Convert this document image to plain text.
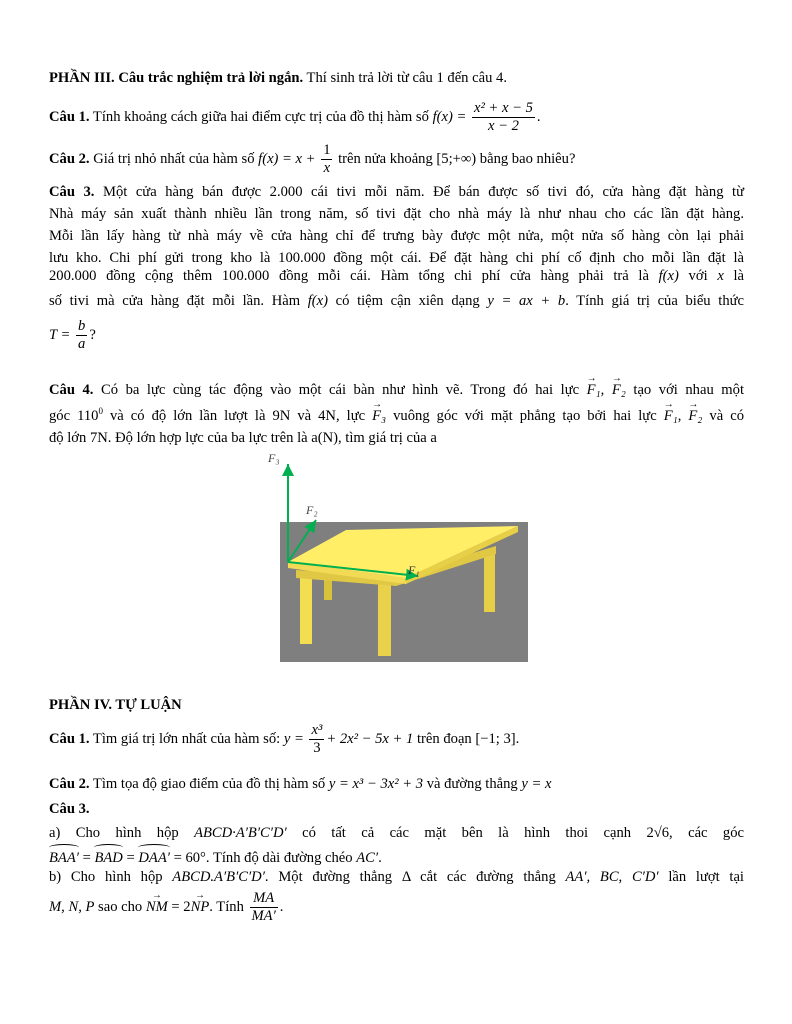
PHẦN III. Câu trắc nghiệm trả lời ngắn. Thí sinh trả lời từ câu 1 đến câu 4.
Câu 1. Tính khoảng cách giữa hai điểm cực trị của đồ thị hàm số $f(x) = \frac{\text{x² + x − 5}}{x - 2}$ .
Câu 2. Giá trị nhỏ nhất của hàm số $f(x) = x + \frac{1}{x}$ trên nửa khoảng [5;+∞) bằng bao nhiêu?
Câu 3. Một cửa hàng bán được 2.000 cái tivi mỗi năm. Để bán được số tivi đó, cửa hàng đặt hàng từ
Nhà máy sản xuất thành nhiều lần trong năm, số tivi đặt cho nhà máy là như nhau cho các lần đặt hàng.
Mỗi lần lấy hàng từ nhà máy về cửa hàng chỉ để trưng bày được một nửa, một nửa số hàng còn lại phải
lưu kho. Chi phí gửi trong kho là 100.000 đồng một cái. Để đặt hàng chi phí cố định cho mỗi lần đặt là
200.000 đồng cộng thêm 100.000 đồng mỗi cái. Hàm tổng chi phí cửa hàng phải trả là f(x) với x là
số tivi mà cửa hàng đặt mỗi lần. Hàm f(x) có tiệm cận xiên dạng y = ax + b. Tính giá trị của biểu thức
$T = \frac{b}{a}$ ?
Câu 4. Có ba lực cùng tác động vào một cái bàn như hình vẽ. Trong đó hai lực F₁ →, F₂ → tạo với nhau một
góc $110^0$ và có độ lớn lần lượt là 9N và 4N, lực F₃ → vuông góc với mặt phẳng tạo bởi hai lực F₁ →, F₂ → và có
độ lớn 7N. Độ lớn hợp lực của ba lực trên là a(N), tìm giá trị của a
F₃
F₂
F₁
PHẦN IV. TỰ LUẬN
Câu 1. Tìm giá trị lớn nhất của hàm số: $y = \frac{\text{x³}}{3} + 2x^2 - 5x + 1$ trên đoạn [−1; 3].
Câu 2. Tìm tọa độ giao điểm của đồ thị hàm số y = x³ − 3x² + 3 và đường thẳng y = x
Câu 3.
a) Cho hình hộp ABCD·A′B′C′D′ có tất cả các mặt bên là hình thoi cạnh 2√6, các góc
BAA′ = BAD = DAA′ = 60°. Tính độ dài đường chéo AC′.
b) Cho hình hộp ABCD.A′B′C′D′. Một đường thẳng Δ cắt các đường thẳng AA′, BC, C′D′ lần lượt tại
M, N, P sao cho NM → = 2NP →. Tính $\frac{MA}{MA'}$ .
